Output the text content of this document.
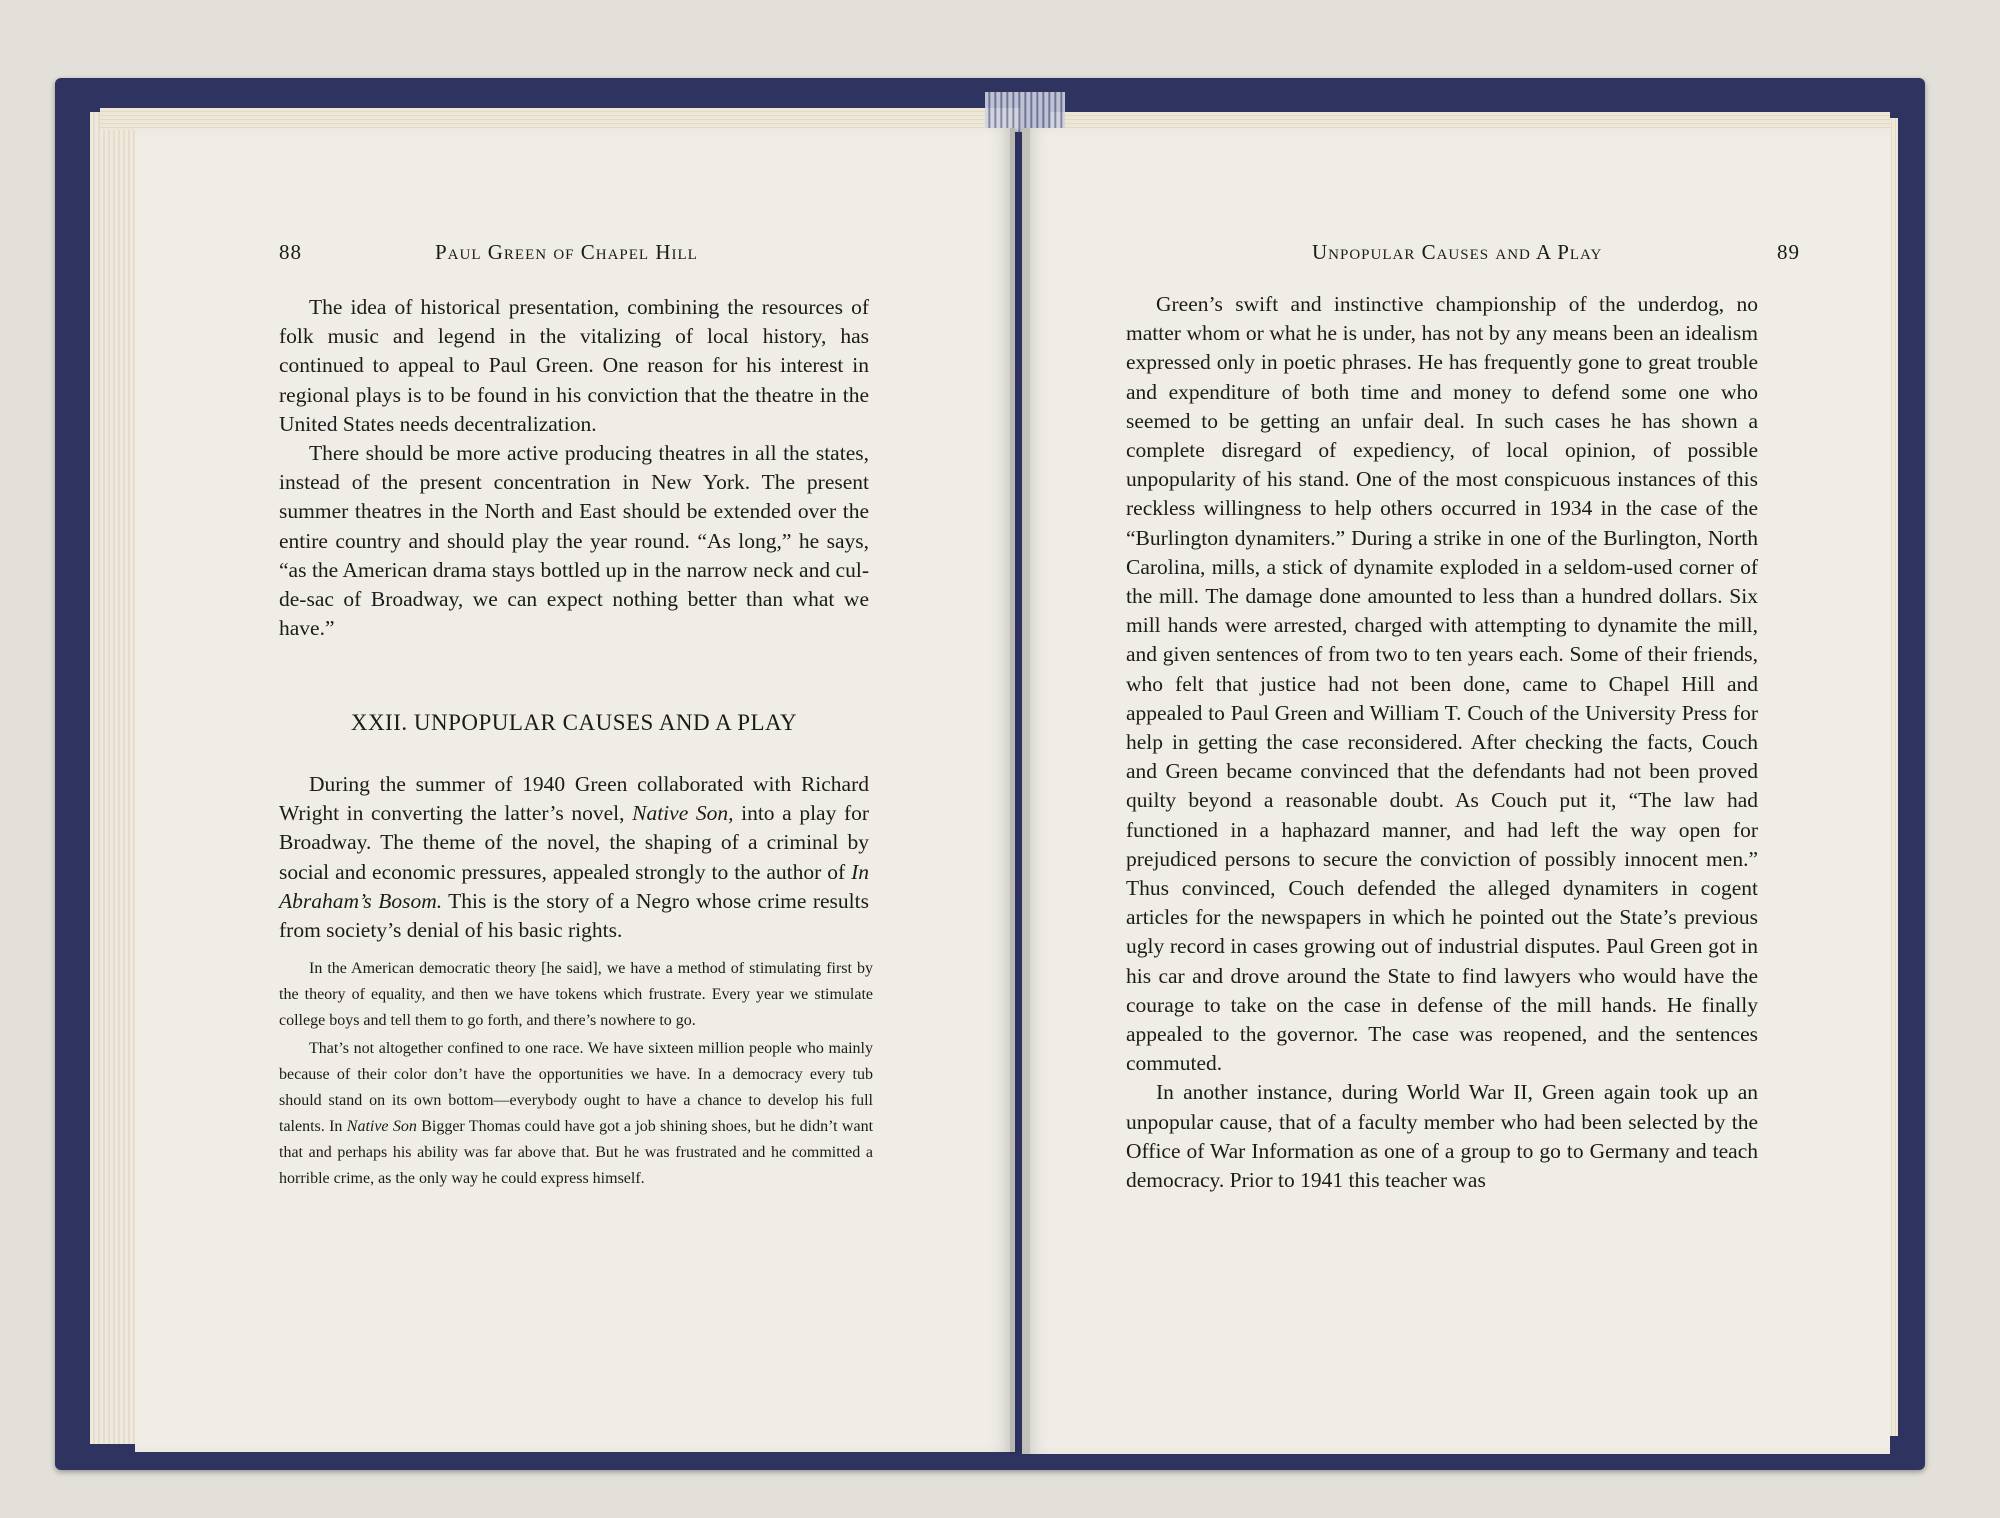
88	Paul Green of Chapel Hill

The idea of historical presentation, combining the resources of folk music and legend in the vitalizing of local history, has continued to appeal to Paul Green. One reason for his interest in regional plays is to be found in his conviction that the theatre in the United States needs decentralization.

There should be more active producing theatres in all the states, instead of the present concentration in New York. The present summer theatres in the North and East should be extended over the entire country and should play the year round. “As long,” he says, “as the American drama stays bottled up in the narrow neck and cul-de-sac of Broadway, we can expect nothing better than what we have.”

XXII. UNPOPULAR CAUSES AND A PLAY

During the summer of 1940 Green collaborated with Richard Wright in converting the latter’s novel, Native Son, into a play for Broadway. The theme of the novel, the shaping of a criminal by social and economic pressures, appealed strongly to the author of In Abraham’s Bosom. This is the story of a Negro whose crime results from society’s denial of his basic rights.

In the American democratic theory [he said], we have a method of stimulating first by the theory of equality, and then we have tokens which frustrate. Every year we stimulate college boys and tell them to go forth, and there’s nowhere to go.

That’s not altogether confined to one race. We have sixteen million people who mainly because of their color don’t have the opportunities we have. In a democracy every tub should stand on its own bottom—everybody ought to have a chance to develop his full talents. In Native Son Bigger Thomas could have got a job shining shoes, but he didn’t want that and perhaps his ability was far above that. But he was frustrated and he committed a horrible crime, as the only way he could express himself.

Unpopular Causes and A Play	89

Green’s swift and instinctive championship of the underdog, no matter whom or what he is under, has not by any means been an idealism expressed only in poetic phrases. He has frequently gone to great trouble and expenditure of both time and money to defend some one who seemed to be getting an unfair deal. In such cases he has shown a complete disregard of expediency, of local opinion, of possible unpopularity of his stand. One of the most conspicuous instances of this reckless willingness to help others occurred in 1934 in the case of the “Burlington dynamiters.” During a strike in one of the Burlington, North Carolina, mills, a stick of dynamite exploded in a seldom-used corner of the mill. The damage done amounted to less than a hundred dollars. Six mill hands were arrested, charged with attempting to dynamite the mill, and given sentences of from two to ten years each. Some of their friends, who felt that justice had not been done, came to Chapel Hill and appealed to Paul Green and William T. Couch of the University Press for help in getting the case reconsidered. After checking the facts, Couch and Green became convinced that the defendants had not been proved quilty beyond a reasonable doubt. As Couch put it, “The law had functioned in a haphazard manner, and had left the way open for prejudiced persons to secure the conviction of possibly innocent men.” Thus convinced, Couch defended the alleged dynamiters in cogent articles for the newspapers in which he pointed out the State’s previous ugly record in cases growing out of industrial disputes. Paul Green got in his car and drove around the State to find lawyers who would have the courage to take on the case in defense of the mill hands. He finally appealed to the governor. The case was reopened, and the sentences commuted.

In another instance, during World War II, Green again took up an unpopular cause, that of a faculty member who had been selected by the Office of War Information as one of a group to go to Germany and teach democracy. Prior to 1941 this teacher was
